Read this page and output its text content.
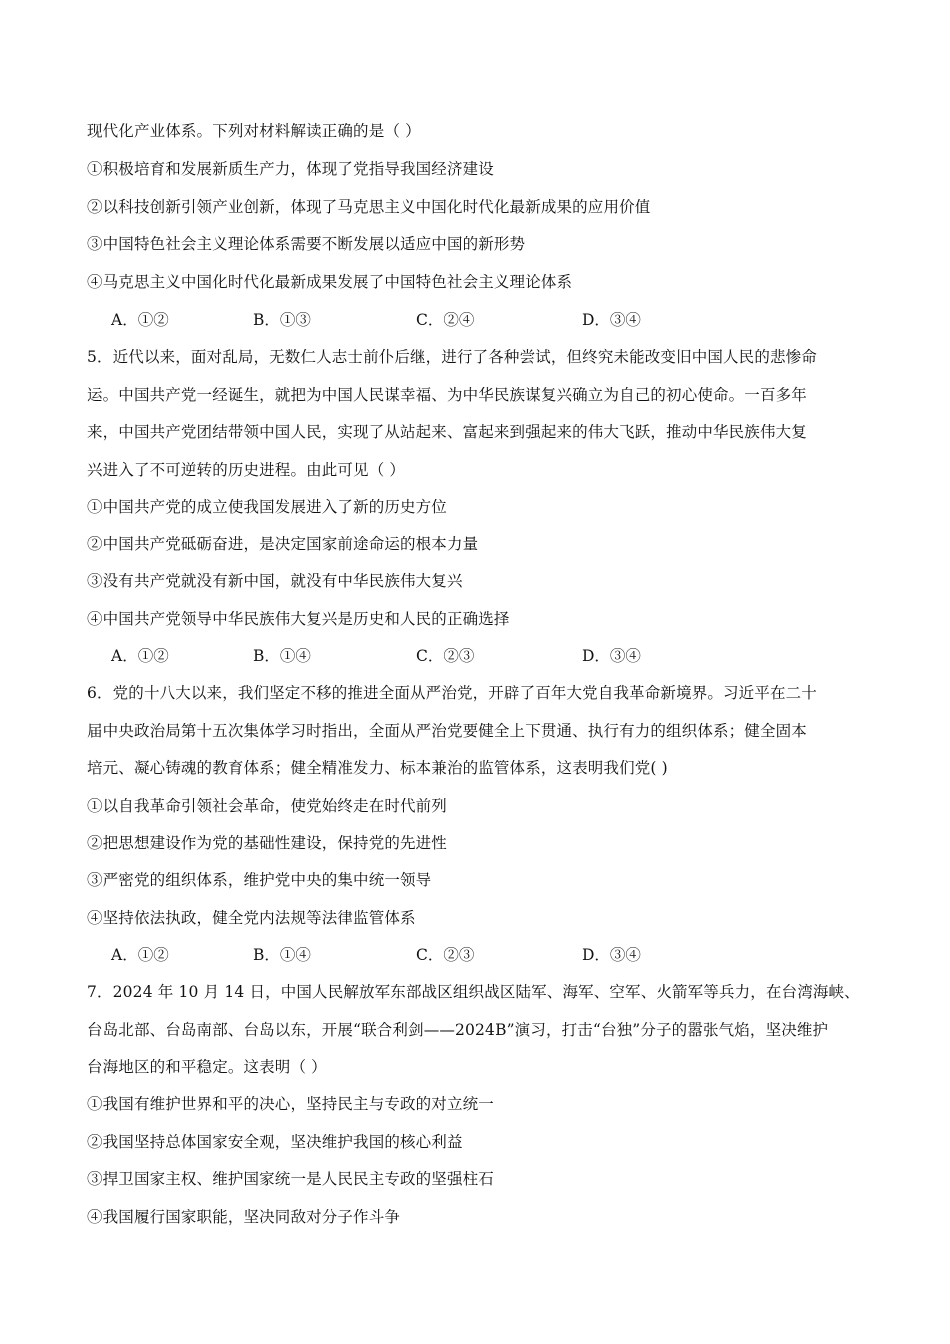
现代化产业体系。下列对材料解读正确的是（ ）
①积极培育和发展新质生产力，体现了党指导我国经济建设
②以科技创新引领产业创新，体现了马克思主义中国化时代化最新成果的应用价值
③中国特色社会主义理论体系需要不断发展以适应中国的新形势
④马克思主义中国化时代化最新成果发展了中国特色社会主义理论体系
A．①②	B．①③	C．②④	D．③④
5．近代以来，面对乱局，无数仁人志士前仆后继，进行了各种尝试，但终究未能改变旧中国人民的悲惨命
运。中国共产党一经诞生，就把为中国人民谋幸福、为中华民族谋复兴确立为自己的初心使命。一百多年
来，中国共产党团结带领中国人民，实现了从站起来、富起来到强起来的伟大飞跃，推动中华民族伟大复
兴进入了不可逆转的历史进程。由此可见（ ）
①中国共产党的成立使我国发展进入了新的历史方位
②中国共产党砥砺奋进，是决定国家前途命运的根本力量
③没有共产党就没有新中国，就没有中华民族伟大复兴
④中国共产党领导中华民族伟大复兴是历史和人民的正确选择
A．①②	B．①④	C．②③	D．③④
6．党的十八大以来，我们坚定不移的推进全面从严治党，开辟了百年大党自我革命新境界。习近平在二十
届中央政治局第十五次集体学习时指出，全面从严治党要健全上下贯通、执行有力的组织体系；健全固本
培元、凝心铸魂的教育体系；健全精准发力、标本兼治的监管体系，这表明我们党( )
①以自我革命引领社会革命，使党始终走在时代前列
②把思想建设作为党的基础性建设，保持党的先进性
③严密党的组织体系，维护党中央的集中统一领导
④坚持依法执政，健全党内法规等法律监管体系
A．①②	B．①④	C．②③	D．③④
7．2024 年 10 月 14 日，中国人民解放军东部战区组织战区陆军、海军、空军、火箭军等兵力，在台湾海峡、
台岛北部、台岛南部、台岛以东，开展“联合利剑——2024B”演习，打击“台独”分子的嚣张气焰，坚决维护
台海地区的和平稳定。这表明（ ）
①我国有维护世界和平的决心，坚持民主与专政的对立统一
②我国坚持总体国家安全观，坚决维护我国的核心利益
③捍卫国家主权、维护国家统一是人民民主专政的坚强柱石
④我国履行国家职能，坚决同敌对分子作斗争
